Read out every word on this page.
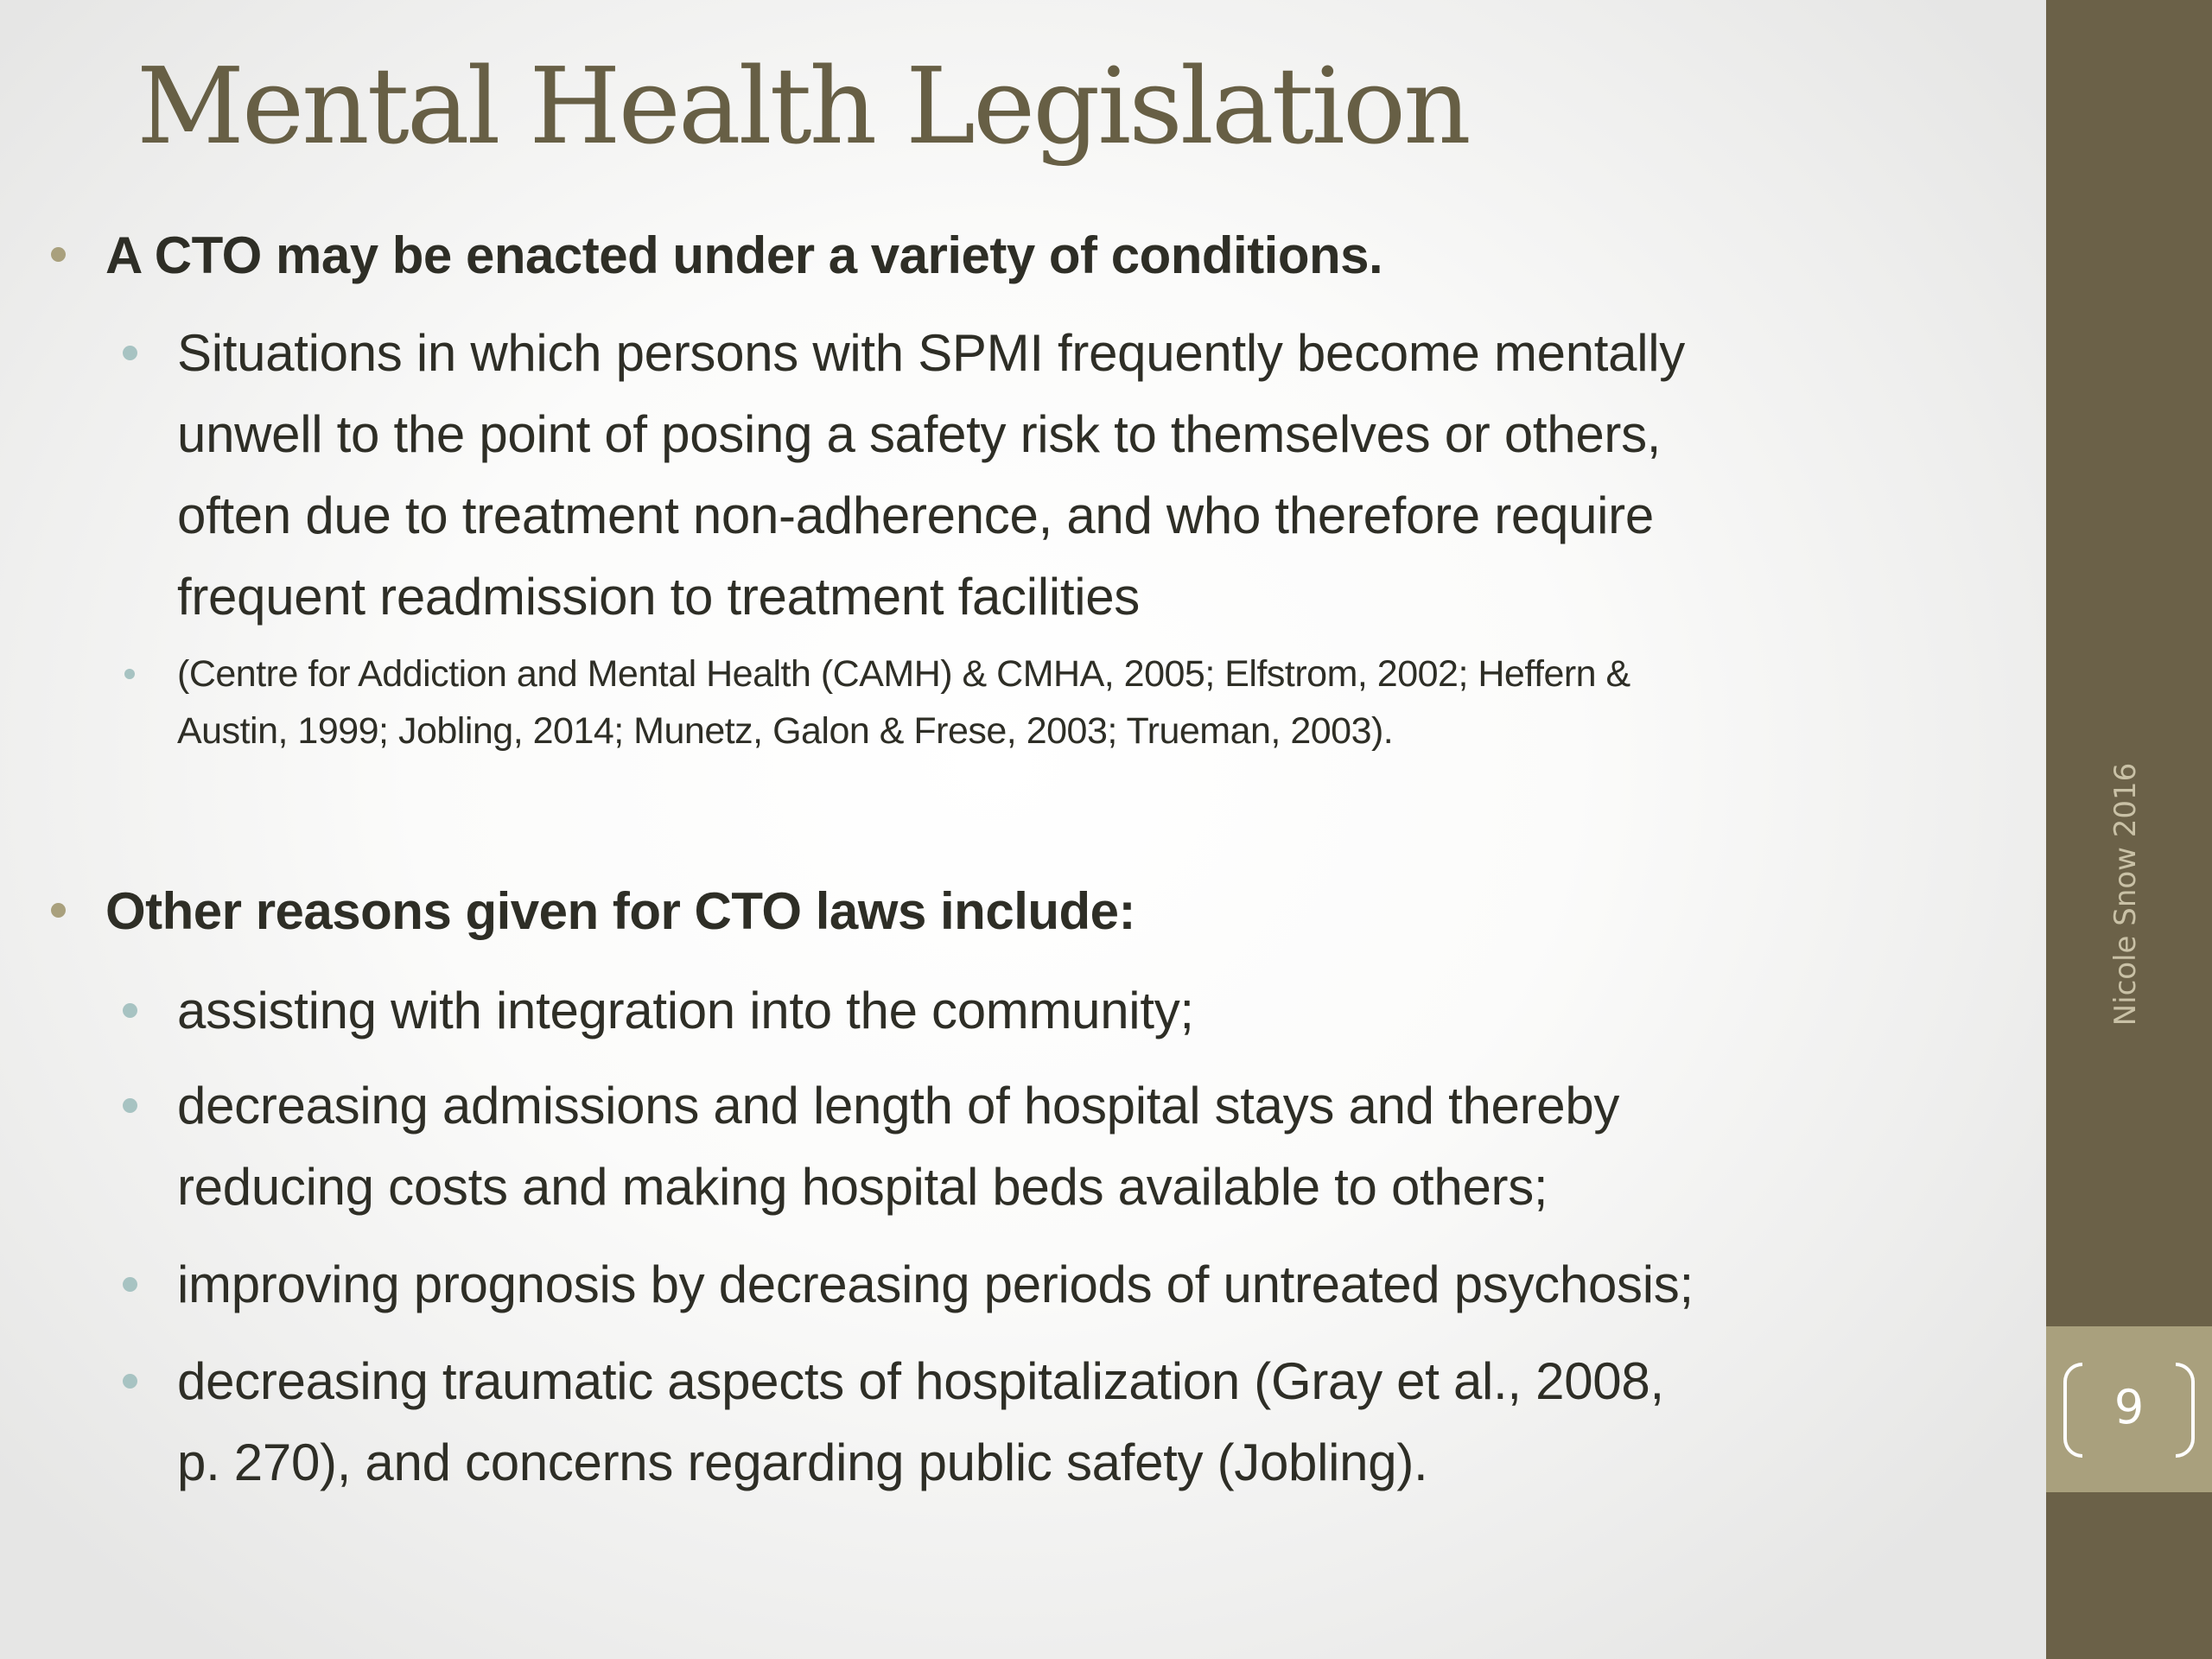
Nicole Snow 2016
9
Mental Health Legislation
A CTO may be enacted under a variety of conditions.
Situations in which persons with SPMI frequently become mentally
unwell to the point of posing a safety risk to themselves or others,
often due to treatment non-adherence, and who therefore require
frequent readmission to treatment facilities
(Centre for Addiction and Mental Health (CAMH) & CMHA, 2005; Elfstrom, 2002; Heffern &
Austin, 1999; Jobling, 2014; Munetz, Galon & Frese, 2003; Trueman, 2003).
Other reasons given for CTO laws include:
assisting with integration into the community;
decreasing admissions and length of hospital stays and thereby
reducing costs and making hospital beds available to others;
improving prognosis by decreasing periods of untreated psychosis;
decreasing traumatic aspects of hospitalization (Gray et al., 2008,
p. 270), and concerns regarding public safety (Jobling).
